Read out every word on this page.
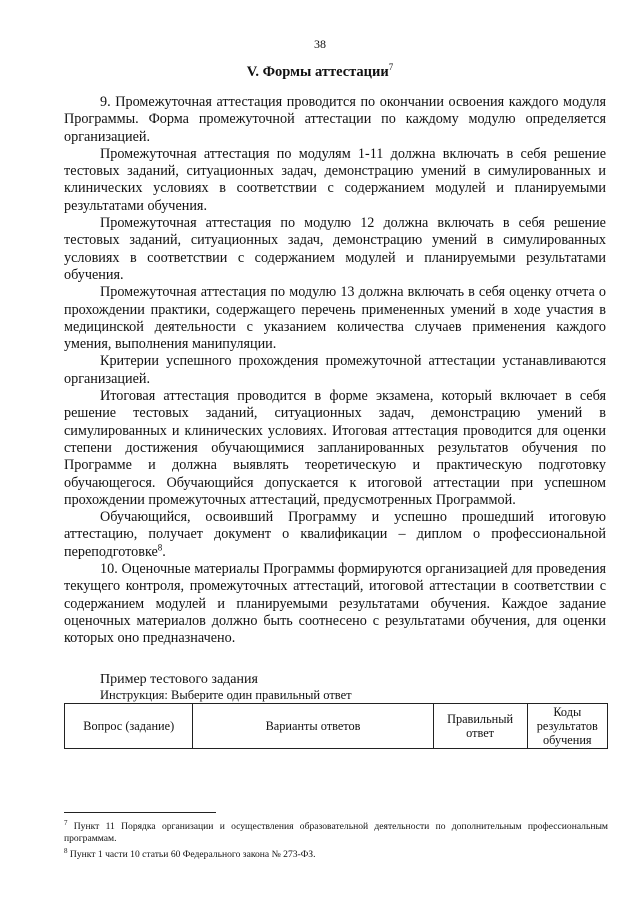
38
V. Формы аттестации$^7$

9. Промежуточная аттестация проводится по окончании освоения каждого модуля Программы. Форма промежуточной аттестации по каждому модулю определяется организацией.

Промежуточная аттестация по модулям 1-11 должна включать в себя решение тестовых заданий, ситуационных задач, демонстрацию умений в симулированных и клинических условиях в соответствии с содержанием модулей и планируемыми результатами обучения.

Промежуточная аттестация по модулю 12 должна включать в себя решение тестовых заданий, ситуационных задач, демонстрацию умений в симулированных условиях в соответствии с содержанием модулей и планируемыми результатами обучения.

Промежуточная аттестация по модулю 13 должна включать в себя оценку отчета о прохождении практики, содержащего перечень примененных умений в ходе участия в медицинской деятельности с указанием количества случаев применения каждого умения, выполнения манипуляции.

Критерии успешного прохождения промежуточной аттестации устанавливаются организацией.

Итоговая аттестация проводится в форме экзамена, который включает в себя решение тестовых заданий, ситуационных задач, демонстрацию умений в симулированных и клинических условиях. Итоговая аттестация проводится для оценки степени достижения обучающимися запланированных результатов обучения по Программе и должна выявлять теоретическую и практическую подготовку обучающегося. Обучающийся допускается к итоговой аттестации при успешном прохождении промежуточных аттестаций, предусмотренных Программой.

Обучающийся, освоивший Программу и успешно прошедший итоговую аттестацию, получает документ о квалификации – диплом о профессиональной переподготовке$^8$.

10. Оценочные материалы Программы формируются организацией для проведения текущего контроля, промежуточных аттестаций, итоговой аттестации в соответствии с содержанием модулей и планируемыми результатами обучения. Каждое задание оценочных материалов должно быть соотнесено с результатами обучения, для оценки которых оно предназначено.

Пример тестового задания
Инструкция: Выберите один правильный ответ
Вопрос (задание)	Варианты ответов	Правильный ответ	Коды результатов обучения

$^7$ Пункт 11 Порядка организации и осуществления образовательной деятельности по дополнительным профессиональным программам.

$^8$ Пункт 1 части 10 статьи 60 Федерального закона № 273-ФЗ.
